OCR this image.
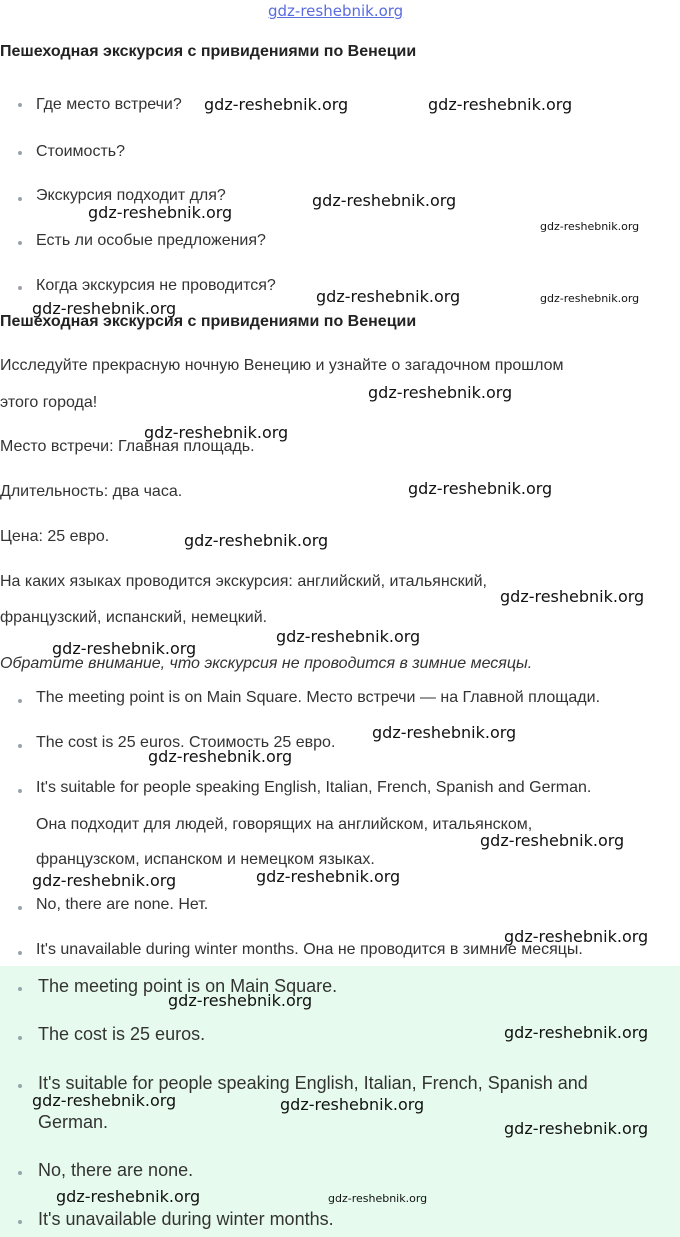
gdz-reshebnik.org
Пешеходная экскурсия с привидениями по Венеции
Где место встречи?
Стоимость?
Экскурсия подходит для?
Есть ли особые предложения?
Когда экскурсия не проводится?
Пешеходная экскурсия с привидениями по Венеции
Исследуйте прекрасную ночную Венецию и узнайте о загадочном прошлом
этого города!
Место встречи: Главная площадь.
Длительность: два часа.
Цена: 25 евро.
На каких языках проводится экскурсия: английский, итальянский,
французский, испанский, немецкий.
Обратите внимание, что экскурсия не проводится в зимние месяцы.
The meeting point is on Main Square. Место встречи — на Главной площади.
The cost is 25 euros. Стоимость 25 евро.
It's suitable for people speaking English, Italian, French, Spanish and German.
Она подходит для людей, говорящих на английском, итальянском,
французском, испанском и немецком языках.
No, there are none. Нет.
It's unavailable during winter months. Она не проводится в зимние месяцы.
The meeting point is on Main Square.
The cost is 25 euros.
It's suitable for people speaking English, Italian, French, Spanish and
German.
No, there are none.
It's unavailable during winter months.
gdz-reshebnik.org	gdz-reshebnik.org
gdz-reshebnik.org
gdz-reshebnik.org
gdz-reshebnik.org
gdz-reshebnik.org
gdz-reshebnik.org	gdz-reshebnik.org
gdz-reshebnik.org
gdz-reshebnik.org
gdz-reshebnik.org
gdz-reshebnik.org
gdz-reshebnik.org
gdz-reshebnik.org
gdz-reshebnik.org
gdz-reshebnik.org
gdz-reshebnik.org
gdz-reshebnik.org
gdz-reshebnik.org
gdz-reshebnik.org
gdz-reshebnik.org
gdz-reshebnik.org
gdz-reshebnik.org
gdz-reshebnik.org	gdz-reshebnik.org
gdz-reshebnik.org
gdz-reshebnik.org	gdz-reshebnik.org
